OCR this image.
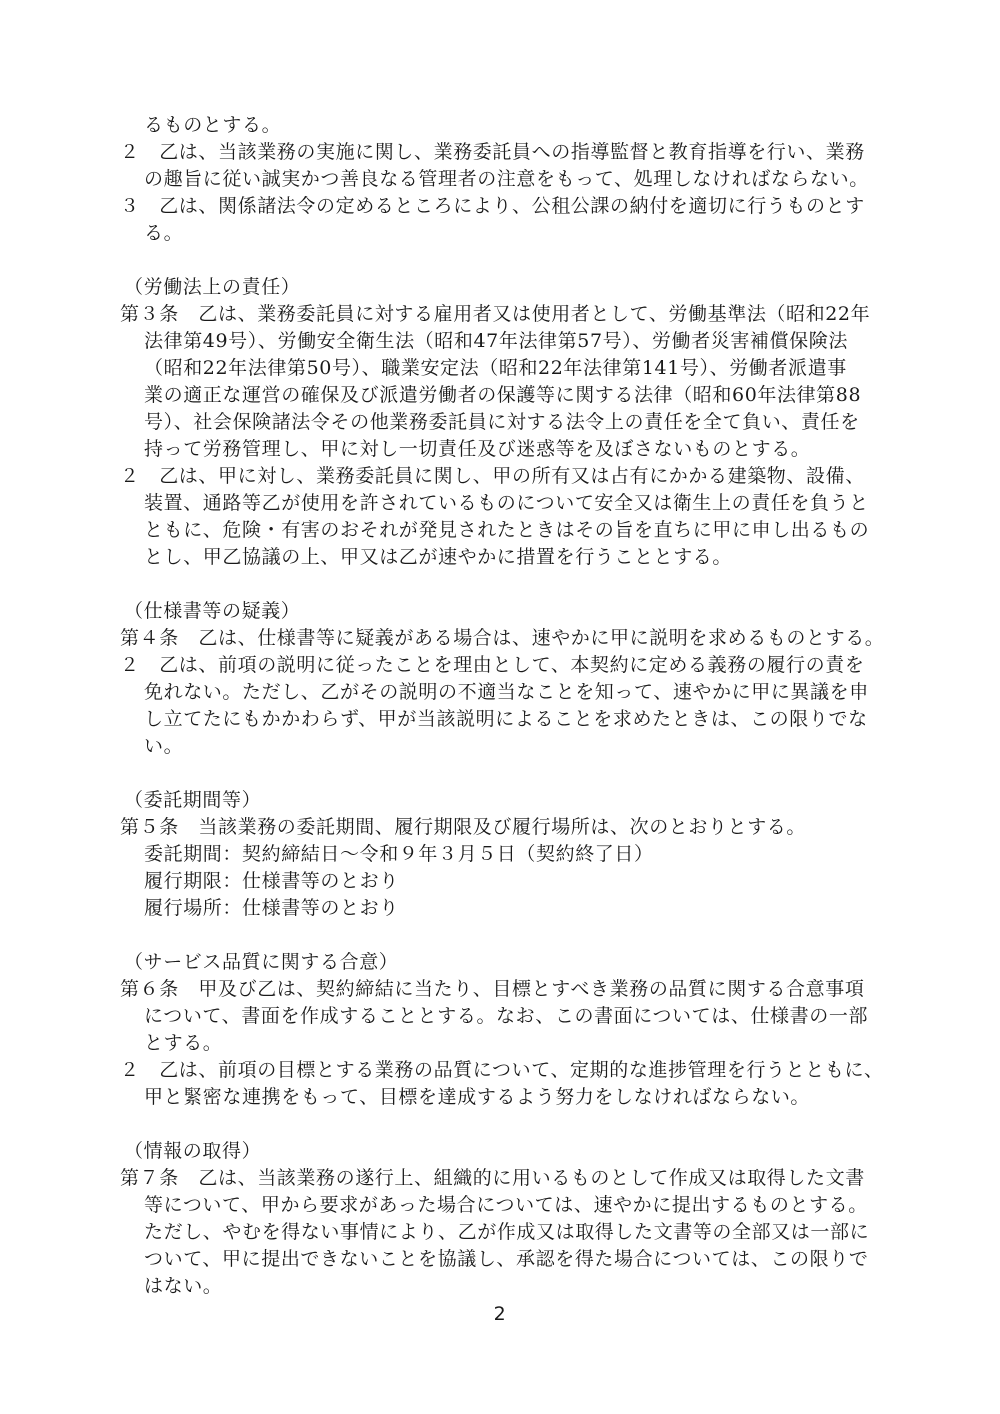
るものとする。
２　乙は、当該業務の実施に関し、業務委託員への指導監督と教育指導を行い、業務
の趣旨に従い誠実かつ善良なる管理者の注意をもって、処理しなければならない。
３　乙は、関係諸法令の定めるところにより、公租公課の納付を適切に行うものとす
る。
（労働法上の責任）
第３条　乙は、業務委託員に対する雇用者又は使用者として、労働基準法（昭和22年
法律第49号）、労働安全衛生法（昭和47年法律第57号）、労働者災害補償保険法
（昭和22年法律第50号）、職業安定法（昭和22年法律第141号）、労働者派遣事
業の適正な運営の確保及び派遣労働者の保護等に関する法律（昭和60年法律第88
号）、社会保険諸法令その他業務委託員に対する法令上の責任を全て負い、責任を
持って労務管理し、甲に対し一切責任及び迷惑等を及ぼさないものとする。
２　乙は、甲に対し、業務委託員に関し、甲の所有又は占有にかかる建築物、設備、
装置、通路等乙が使用を許されているものについて安全又は衛生上の責任を負うと
ともに、危険・有害のおそれが発見されたときはその旨を直ちに甲に申し出るもの
とし、甲乙協議の上、甲又は乙が速やかに措置を行うこととする。
（仕様書等の疑義）
第４条　乙は、仕様書等に疑義がある場合は、速やかに甲に説明を求めるものとする。
２　乙は、前項の説明に従ったことを理由として、本契約に定める義務の履行の責を
免れない。ただし、乙がその説明の不適当なことを知って、速やかに甲に異議を申
し立てたにもかかわらず、甲が当該説明によることを求めたときは、この限りでな
い。
（委託期間等）
第５条　当該業務の委託期間、履行期限及び履行場所は、次のとおりとする。
委託期間：契約締結日～令和９年３月５日（契約終了日）
履行期限：仕様書等のとおり
履行場所：仕様書等のとおり
（サービス品質に関する合意）
第６条　甲及び乙は、契約締結に当たり、目標とすべき業務の品質に関する合意事項
について、書面を作成することとする。なお、この書面については、仕様書の一部
とする。
２　乙は、前項の目標とする業務の品質について、定期的な進捗管理を行うとともに、
甲と緊密な連携をもって、目標を達成するよう努力をしなければならない。
（情報の取得）
第７条　乙は、当該業務の遂行上、組織的に用いるものとして作成又は取得した文書
等について、甲から要求があった場合については、速やかに提出するものとする。
ただし、やむを得ない事情により、乙が作成又は取得した文書等の全部又は一部に
ついて、甲に提出できないことを協議し、承認を得た場合については、この限りで
はない。
2
